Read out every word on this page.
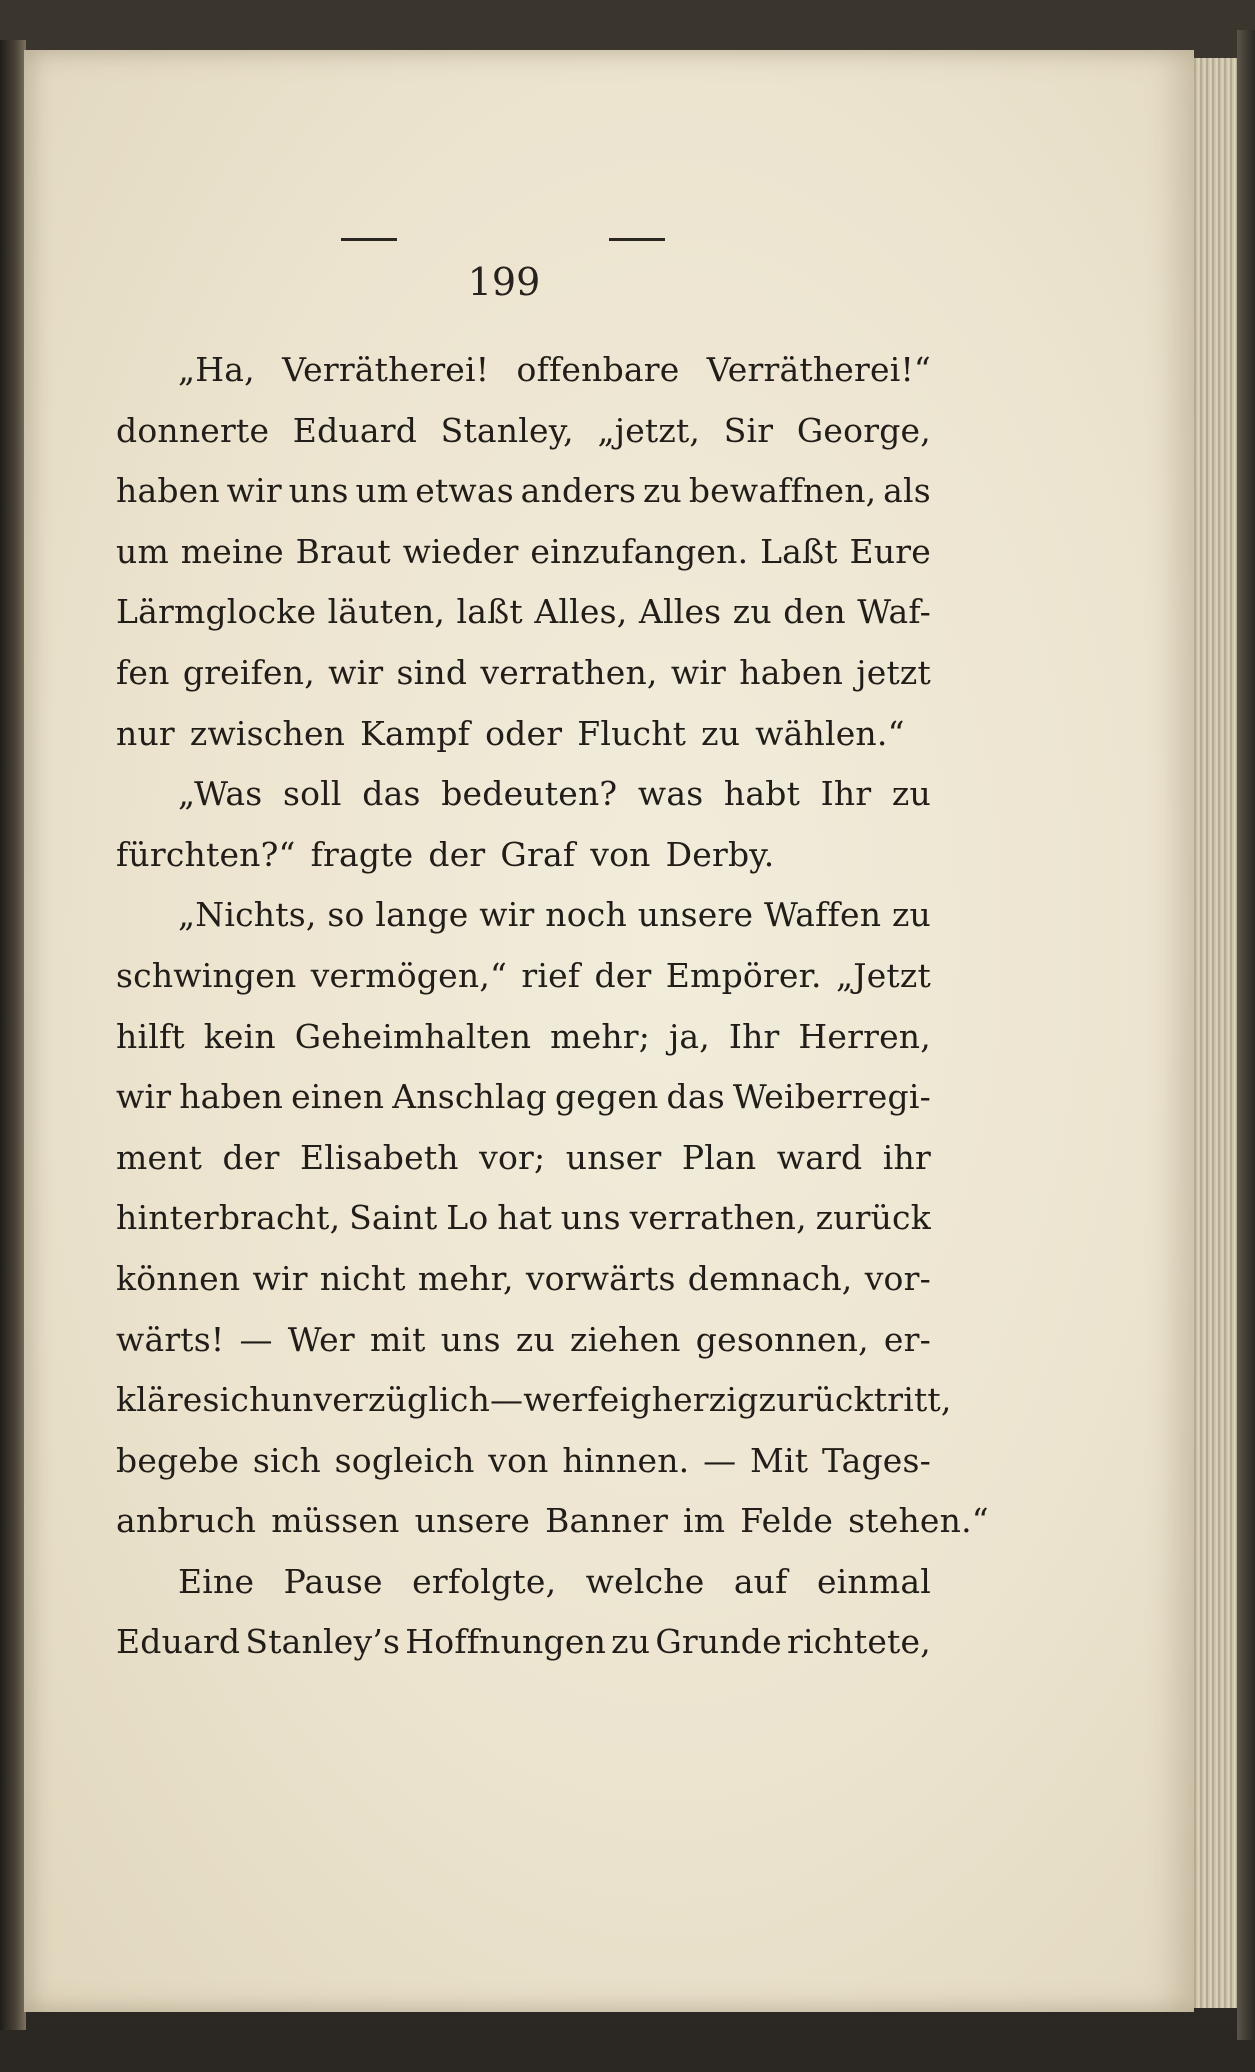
199
„Ha, Verrätherei! offenbare Verrätherei!“
donnerte Eduard Stanley, „jetzt, Sir George,
haben wir uns um etwas anders zu bewaffnen, als
um meine Braut wieder einzufangen. Laßt Eure
Lärmglocke läuten, laßt Alles, Alles zu den Waf-
fen greifen, wir sind verrathen, wir haben jetzt
nur zwischen Kampf oder Flucht zu wählen.“
„Was soll das bedeuten? was habt Ihr zu
fürchten?“ fragte der Graf von Derby.
„Nichts, so lange wir noch unsere Waffen zu
schwingen vermögen,“ rief der Empörer. „Jetzt
hilft kein Geheimhalten mehr; ja, Ihr Herren,
wir haben einen Anschlag gegen das Weiberregi-
ment der Elisabeth vor; unser Plan ward ihr
hinterbracht, Saint Lo hat uns verrathen, zurück
können wir nicht mehr, vorwärts demnach, vor-
wärts! — Wer mit uns zu ziehen gesonnen, er-
kläre sich unverzüglich — wer feigherzig zurücktritt,
begebe sich sogleich von hinnen. — Mit Tages-
anbruch müssen unsere Banner im Felde stehen.“
Eine Pause erfolgte, welche auf einmal
Eduard Stanley’s Hoffnungen zu Grunde richtete,
